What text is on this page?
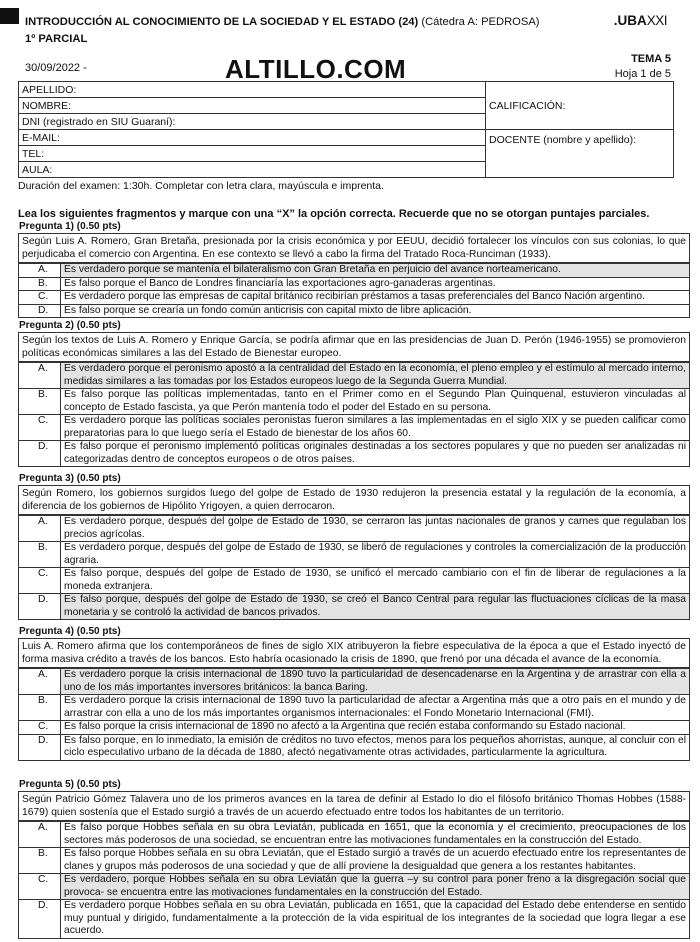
INTRODUCCIÓN AL CONOCIMIENTO DE LA SOCIEDAD Y EL ESTADO (24) (Cátedra A: PEDROSA)
1º PARCIAL
.UBAXXI
30/09/2022 -	ALTILLO.COM	TEMA 5
Hoja 1 de 5
APELLIDO:	CALIFICACIÓN:
NOMBRE:	
DNI (registrado en SIU Guaraní):	
E-MAIL:	DOCENTE (nombre y apellido):
TEL:	
AULA:	
Duración del examen: 1:30h. Completar con letra clara, mayúscula e imprenta.
Lea los siguientes fragmentos y marque con una “X” la opción correcta. Recuerde que no se otorgan puntajes parciales.
Pregunta 1) (0.50 pts)
Según Luis A. Romero, Gran Bretaña, presionada por la crisis económica y por EEUU, decidió fortalecer los vínculos con sus colonias, lo que perjudicaba el comercio con Argentina. En ese contexto se llevó a cabo la firma del Tratado Roca-Runciman (1933).
A.	Es verdadero porque se mantenía el bilateralismo con Gran Bretaña en perjuicio del avance norteamericano.
B.	Es falso porque el Banco de Londres financiaría las exportaciones agro-ganaderas argentinas.
C.	Es verdadero porque las empresas de capital británico recibirían préstamos a tasas preferenciales del Banco Nación argentino.
D.	Es falso porque se crearía un fondo común anticrisis con capital mixto de libre aplicación.
Pregunta 2) (0.50 pts)
Según los textos de Luis A. Romero y Enrique García, se podría afirmar que en las presidencias de Juan D. Perón (1946-1955) se promovieron políticas económicas similares a las del Estado de Bienestar europeo.
A.	Es verdadero porque el peronismo apostó a la centralidad del Estado en la economía, el pleno empleo y el estímulo al mercado interno, medidas similares a las tomadas por los Estados europeos luego de la Segunda Guerra Mundial.
B.	Es falso porque las políticas implementadas, tanto en el Primer como en el Segundo Plan Quinquenal, estuvieron vinculadas al concepto de Estado fascista, ya que Perón mantenía todo el poder del Estado en su persona.
C.	Es verdadero porque las políticas sociales peronistas fueron similares a las implementadas en el siglo XIX y se pueden calificar como preparatorias para lo que luego sería el Estado de bienestar de los años 60.
D.	Es falso porque el peronismo implementó políticas originales destinadas a los sectores populares y que no pueden ser analizadas ni categorizadas dentro de conceptos europeos o de otros países.
Pregunta 3) (0.50 pts)
Según Romero, los gobiernos surgidos luego del golpe de Estado de 1930 redujeron la presencia estatal y la regulación de la economía, a diferencia de los gobiernos de Hipólito Yrigoyen, a quien derrocaron.
A.	Es verdadero porque, después del golpe de Estado de 1930, se cerraron las juntas nacionales de granos y carnes que regulaban los precios agrícolas.
B.	Es verdadero porque, después del golpe de Estado de 1930, se liberó de regulaciones y controles la comercialización de la producción agraria.
C.	Es falso porque, después del golpe de Estado de 1930, se unificó el mercado cambiario con el fin de liberar de regulaciones a la moneda extranjera.
D.	Es falso porque, después del golpe de Estado de 1930, se creó el Banco Central para regular las fluctuaciones cíclicas de la masa monetaria y se controló la actividad de bancos privados.
Pregunta 4) (0.50 pts)
Luis A. Romero afirma que los contemporáneos de fines de siglo XIX atribuyeron la fiebre especulativa de la época a que el Estado inyectó de forma masiva crédito a través de los bancos. Esto habría ocasionado la crisis de 1890, que frenó por una década el avance de la economía.
A.	Es verdadero porque la crisis internacional de 1890 tuvo la particularidad de desencadenarse en la Argentina y de arrastrar con ella a uno de los más importantes inversores británicos: la banca Baring.
B.	Es verdadero porque la crisis internacional de 1890 tuvo la particularidad de afectar a Argentina más que a otro país en el mundo y de arrastrar con ella a uno de los más importantes organismos internacionales: el Fondo Monetario Internacional (FMI).
C.	Es falso porque la crisis internacional de 1890 no afectó a la Argentina que recién estaba conformando su Estado nacional.
D.	Es falso porque, en lo inmediato, la emisión de créditos no tuvo efectos, menos para los pequeños ahorristas, aunque, al concluir con el ciclo especulativo urbano de la década de 1880, afectó negativamente otras actividades, particularmente la agricultura.
Pregunta 5) (0.50 pts)
Según Patricio Gómez Talavera uno de los primeros avances en la tarea de definir al Estado lo dio el filósofo británico Thomas Hobbes (1588-1679) quien sostenía que el Estado surgió a través de un acuerdo efectuado entre todos los habitantes de un territorio.
A.	Es falso porque Hobbes señala en su obra Leviatán, publicada en 1651, que la economía y el crecimiento, preocupaciones de los sectores más poderosos de una sociedad, se encuentran entre las motivaciones fundamentales en la construcción del Estado.
B.	Es falso porque Hobbes señala en su obra Leviatán, que el Estado surgió a través de un acuerdo efectuado entre los representantes de clanes y grupos más poderosos de una sociedad y que de allí proviene la desigualdad que genera a los restantes habitantes.
C.	Es verdadero, porque Hobbes señala en su obra Leviatán que la guerra –y su control para poner freno a la disgregación social que provoca- se encuentra entre las motivaciones fundamentales en la construcción del Estado.
D.	Es verdadero porque Hobbes señala en su obra Leviatán, publicada en 1651, que la capacidad del Estado debe entenderse en sentido muy puntual y dirigido, fundamentalmente a la protección de la vida espiritual de los integrantes de la sociedad que logra llegar a ese acuerdo.
